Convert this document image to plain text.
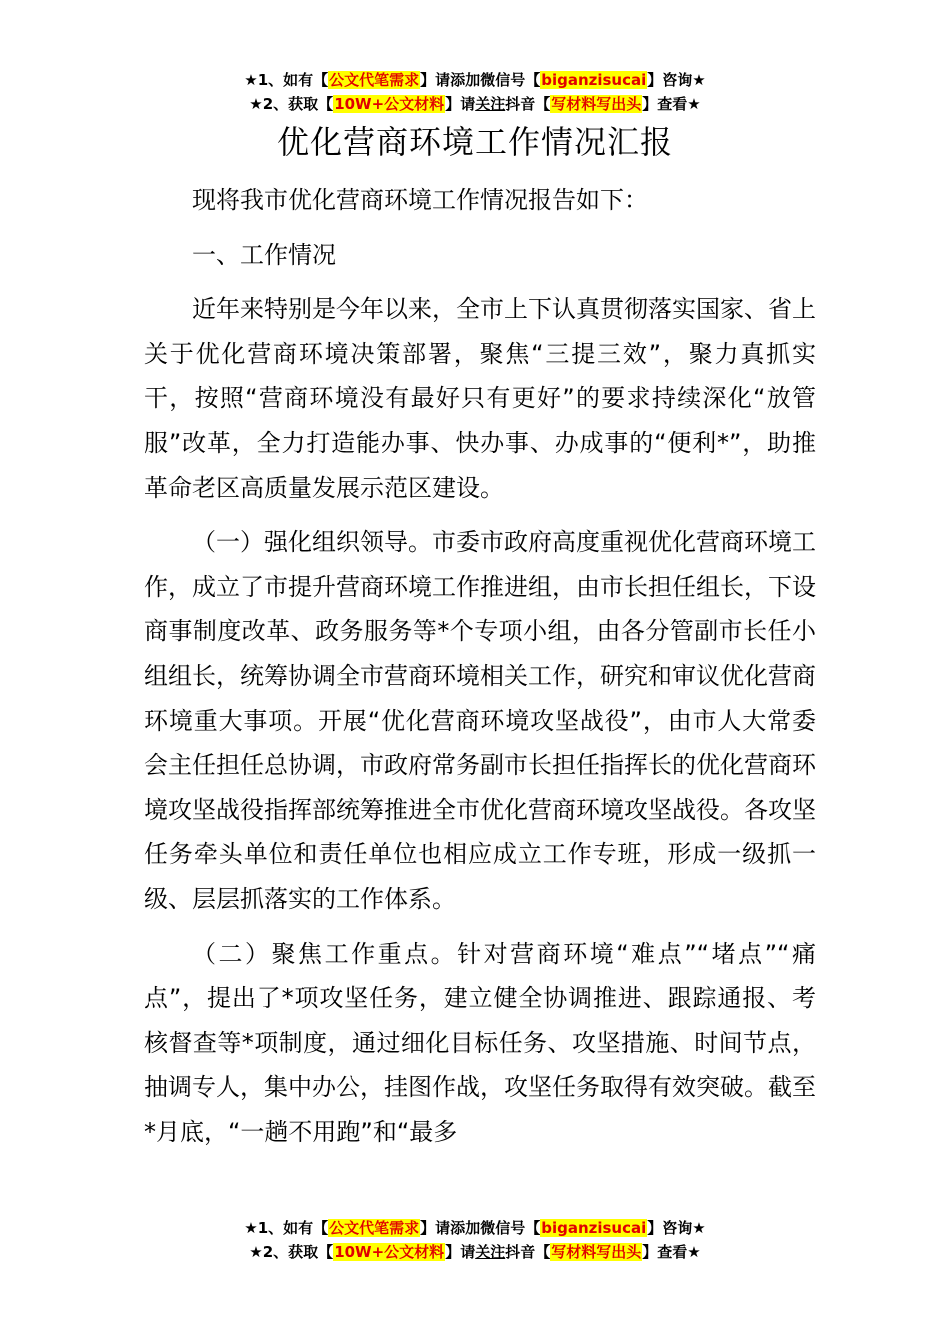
★1、如有【公文代笔需求】请添加微信号【biganzisucai】咨询★
★2、获取【10W+公文材料】请关注抖音【写材料写出头】查看★
优化营商环境工作情况汇报

现将我市优化营商环境工作情况报告如下：

一、工作情况

近年来特别是今年以来，全市上下认真贯彻落实国家、省上关于优化营商环境决策部署，聚焦“三提三效”，聚力真抓实干，按照“营商环境没有最好只有更好”的要求持续深化“放管服”改革，全力打造能办事、快办事、办成事的“便利*”，助推革命老区高质量发展示范区建设。

（一）强化组织领导。市委市政府高度重视优化营商环境工作，成立了市提升营商环境工作推进组，由市长担任组长，下设商事制度改革、政务服务等*个专项小组，由各分管副市长任小组组长，统筹协调全市营商环境相关工作，研究和审议优化营商环境重大事项。开展“优化营商环境攻坚战役”，由市人大常委会主任担任总协调，市政府常务副市长担任指挥长的优化营商环境攻坚战役指挥部统筹推进全市优化营商环境攻坚战役。各攻坚任务牵头单位和责任单位也相应成立工作专班，形成一级抓一级、层层抓落实的工作体系。

（二）聚焦工作重点。针对营商环境“难点”“堵点”“痛点”，提出了*项攻坚任务，建立健全协调推进、跟踪通报、考核督查等*项制度，通过细化目标任务、攻坚措施、时间节点，抽调专人，集中办公，挂图作战，攻坚任务取得有效突破。截至*月底，“一趟不用跑”和“最多

★1、如有【公文代笔需求】请添加微信号【biganzisucai】咨询★
★2、获取【10W+公文材料】请关注抖音【写材料写出头】查看★
